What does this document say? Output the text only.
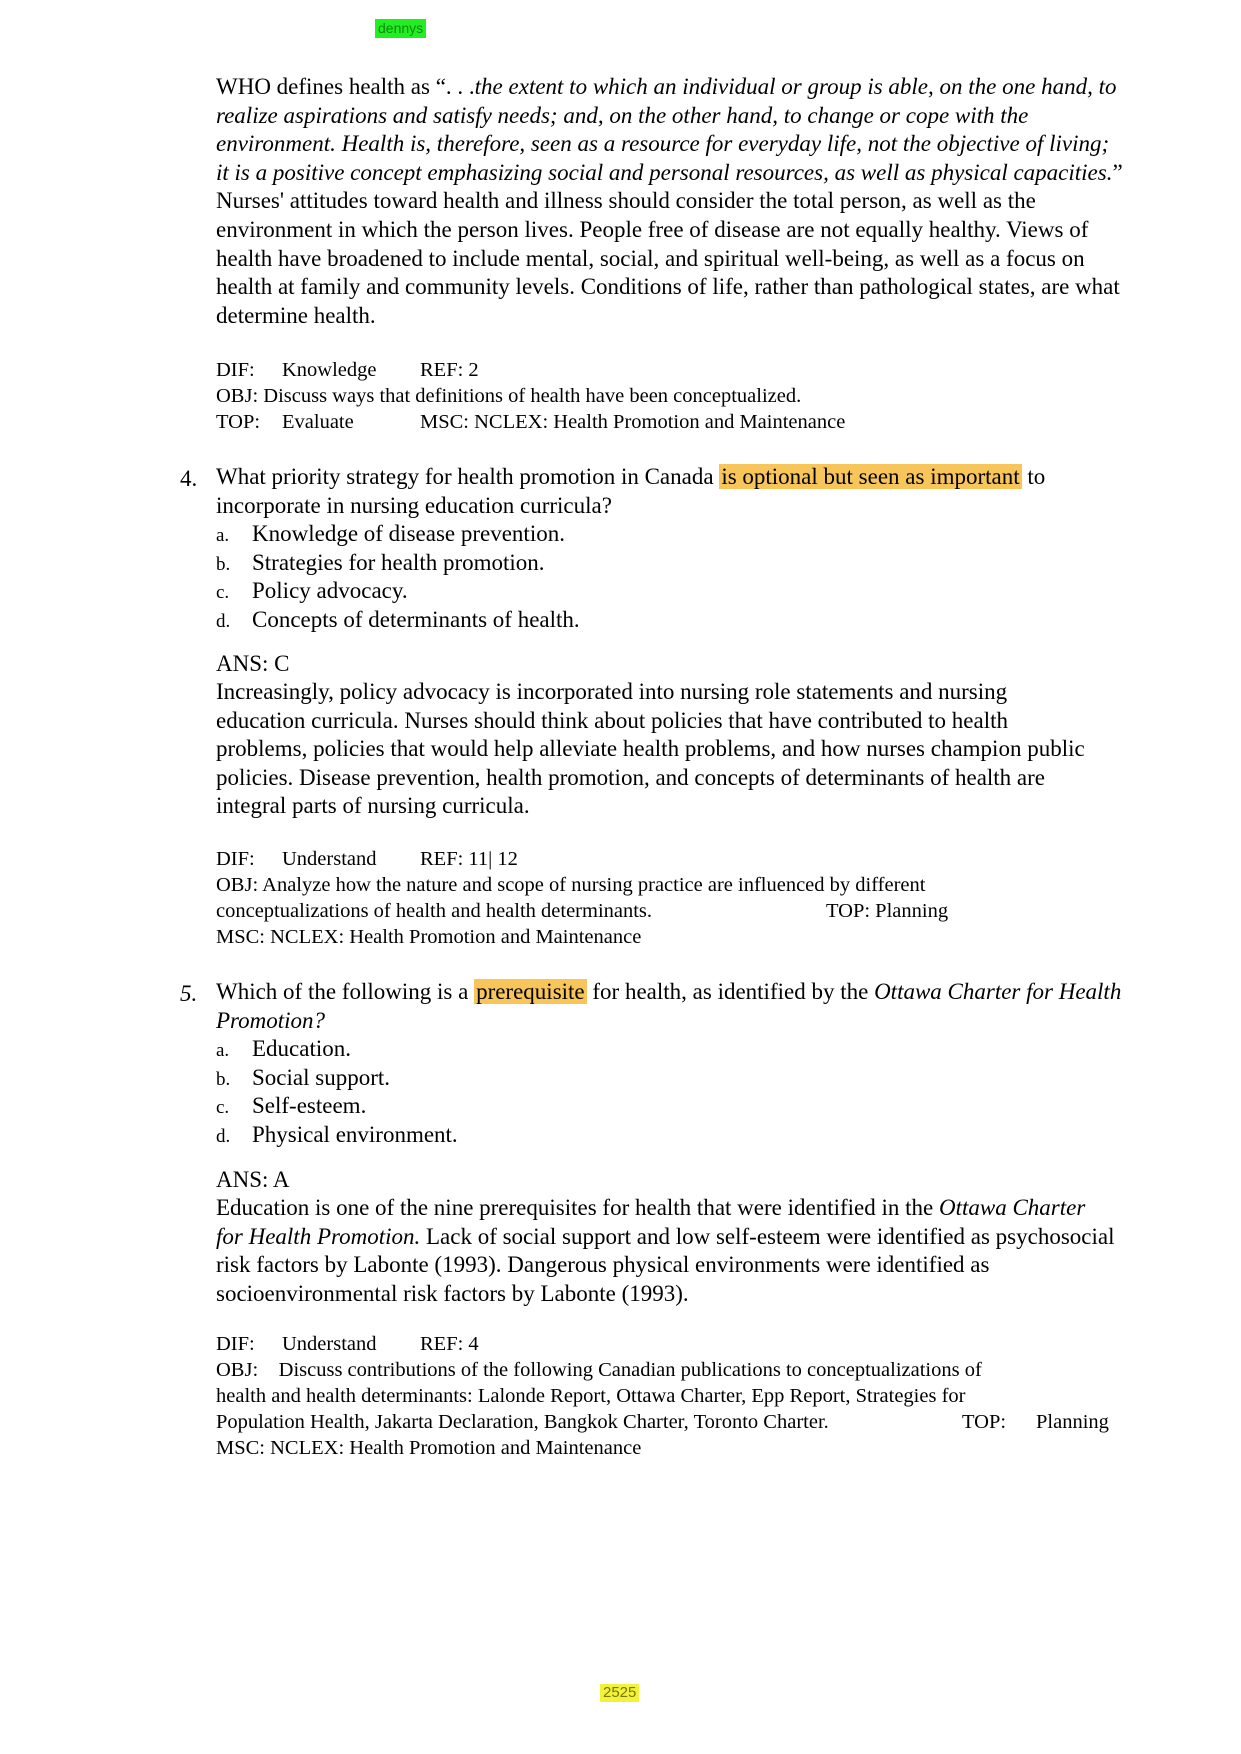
dennys
WHO defines health as “. . .the extent to which an individual or group is able, on the one hand, to realize aspirations and satisfy needs; and, on the other hand, to change or cope with the environment. Health is, therefore, seen as a resource for everyday life, not the objective of living; it is a positive concept emphasizing social and personal resources, as well as physical capacities.” Nurses' attitudes toward health and illness should consider the total person, as well as the environment in which the person lives. People free of disease are not equally healthy. Views of health have broadened to include mental, social, and spiritual well-being, as well as a focus on health at family and community levels. Conditions of life, rather than pathological states, are what determine health.
DIF: Knowledge REF: 2
OBJ: Discuss ways that definitions of health have been conceptualized.
TOP: Evaluate	MSC: NCLEX: Health Promotion and Maintenance
4. What priority strategy for health promotion in Canada is optional but seen as important to incorporate in nursing education curricula?
a. Knowledge of disease prevention.
b. Strategies for health promotion.
c. Policy advocacy.
d. Concepts of determinants of health.
ANS: C
Increasingly, policy advocacy is incorporated into nursing role statements and nursing education curricula. Nurses should think about policies that have contributed to health problems, policies that would help alleviate health problems, and how nurses champion public policies. Disease prevention, health promotion, and concepts of determinants of health are integral parts of nursing curricula.
DIF: Understand REF: 11| 12
OBJ: Analyze how the nature and scope of nursing practice are influenced by different
conceptualizations of health and health determinants.	TOP: Planning
MSC: NCLEX: Health Promotion and Maintenance
5. Which of the following is a prerequisite for health, as identified by the Ottawa Charter for Health Promotion?
a. Education.
b. Social support.
c. Self-esteem.
d. Physical environment.
ANS: A
Education is one of the nine prerequisites for health that were identified in the Ottawa Charter for Health Promotion. Lack of social support and low self-esteem were identified as psychosocial risk factors by Labonte (1993). Dangerous physical environments were identified as socioenvironmental risk factors by Labonte (1993).
DIF: Understand REF: 4
OBJ:    Discuss contributions of the following Canadian publications to conceptualizations of
health and health determinants: Lalonde Report, Ottawa Charter, Epp Report, Strategies for
Population Health, Jakarta Declaration, Bangkok Charter, Toronto Charter.	TOP: Planning
MSC: NCLEX: Health Promotion and Maintenance
2525
